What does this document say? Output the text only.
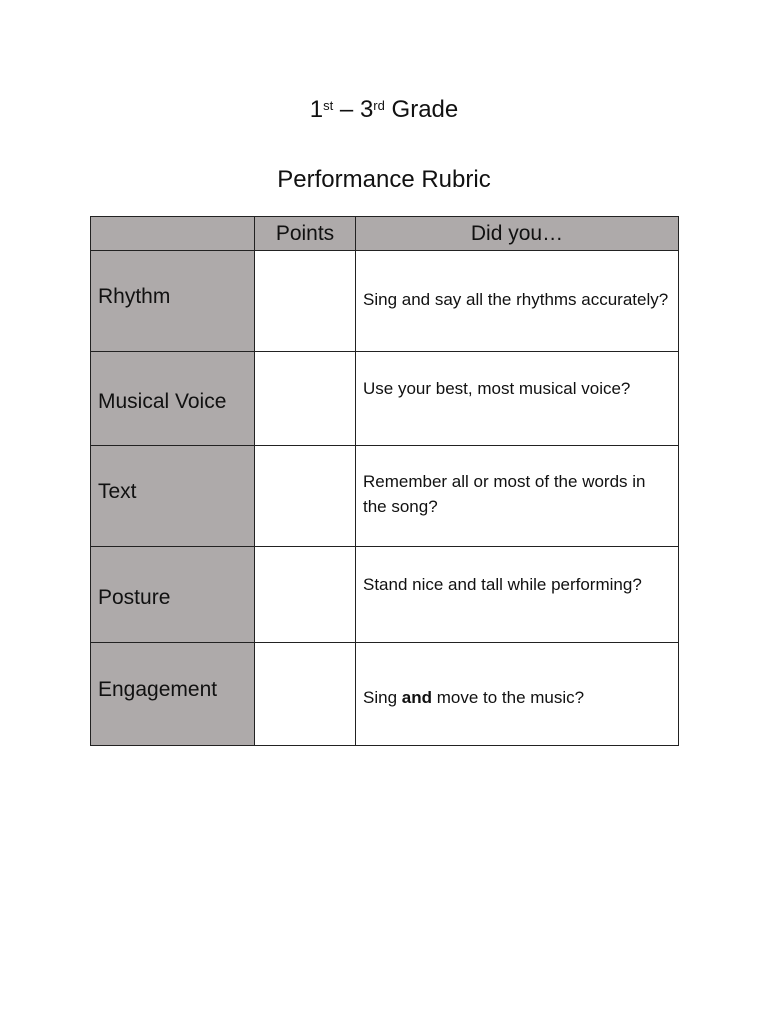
1st – 3rd Grade
Performance Rubric
	Points	Did you…
Rhythm		Sing and say all the rhythms accurately?
Musical Voice		Use your best, most musical voice?
Text		Remember all or most of the words in the song?
Posture		Stand nice and tall while performing?
Engagement		Sing and move to the music?
